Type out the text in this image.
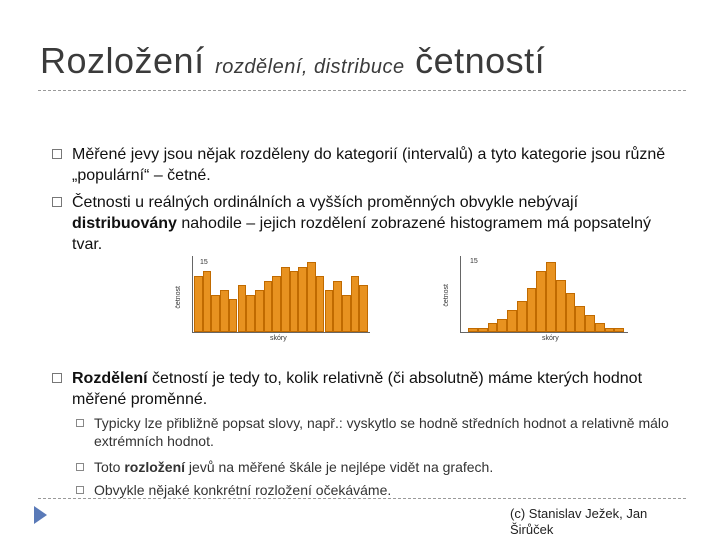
Rozložení rozdělení, distribuce četností
Měřené jevy jsou nějak rozděleny do kategorií (intervalů) a tyto kategorie jsou různě „populární“ – četné.
Četnosti u reálných ordinálních a vyšších proměnných obvykle nebývají distribuovány nahodile – jejich rozdělení zobrazené histogramem má popsatelný tvar.
četnost
15
skóry
četnost
15
skóry
Rozdělení četností je tedy to, kolik relativně (či absolutně) máme kterých hodnot měřené proměnné.
Typicky lze přibližně popsat slovy, např.: vyskytlo se hodně středních hodnot a relativně málo extrémních hodnot.
Toto rozložení jevů na měřené škále je nejlépe vidět na grafech.
Obvykle nějaké konkrétní rozložení očekáváme.
(c) Stanislav Ježek, Jan Širůček
